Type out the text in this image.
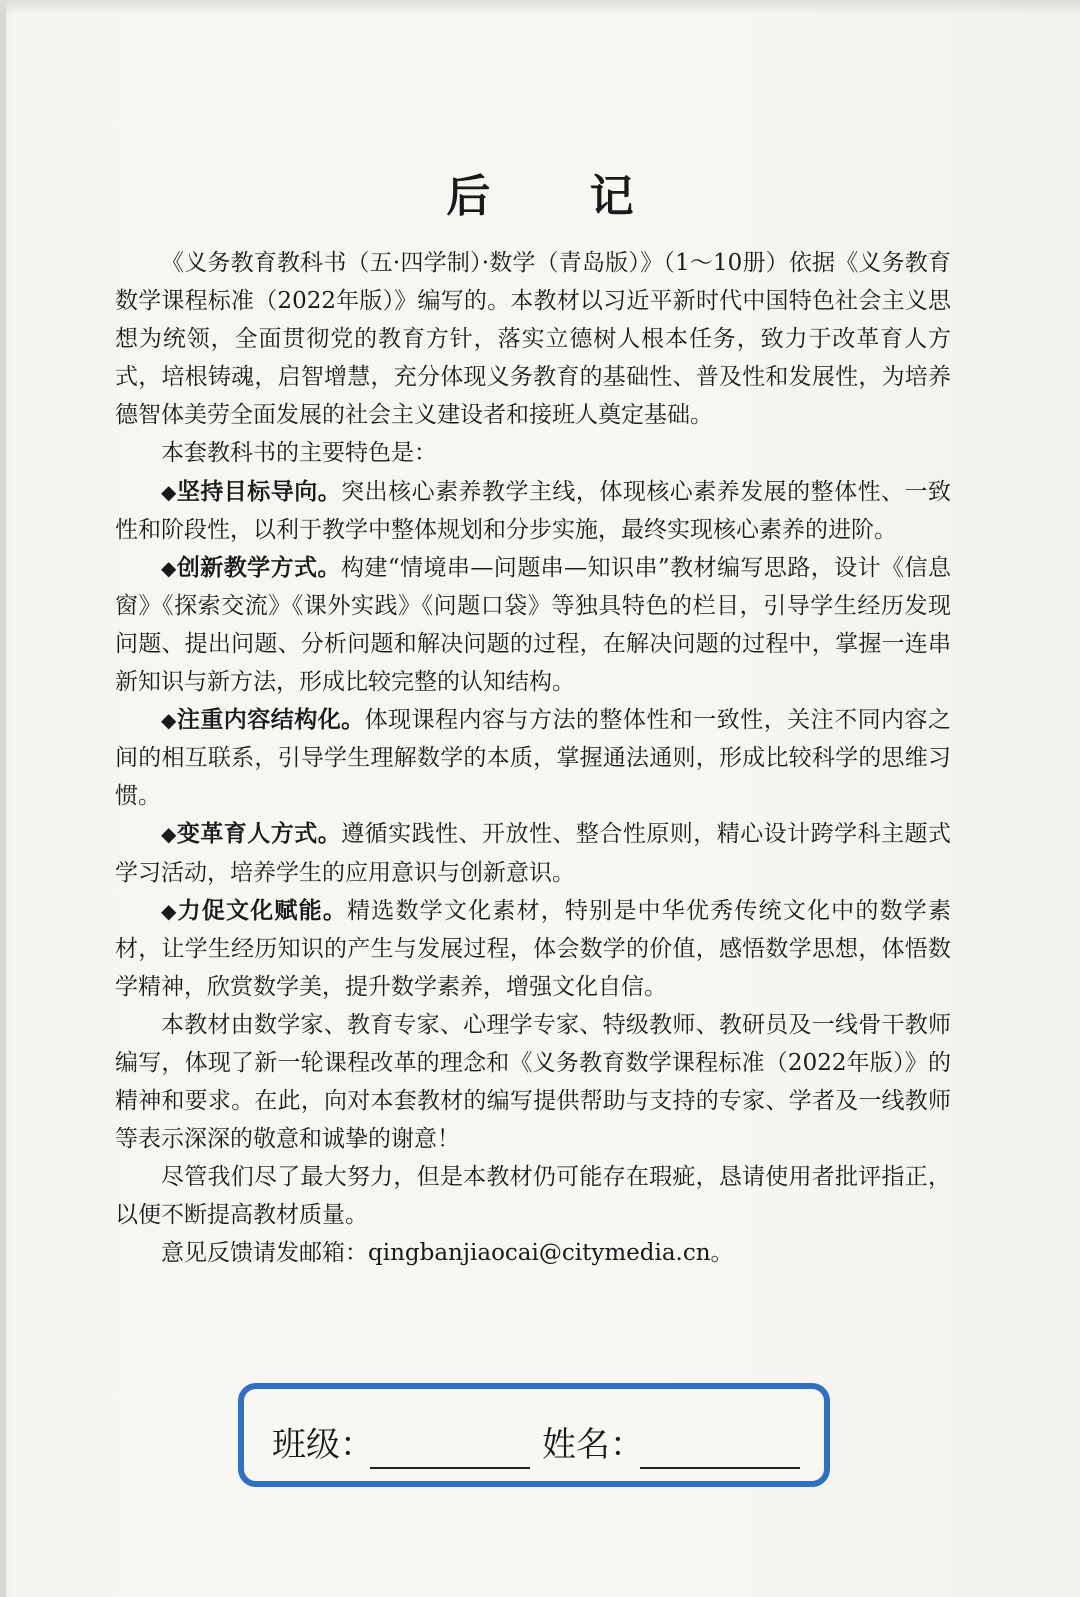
后 记

《义务教育教科书（五·四学制）·数学（青岛版）》（1～10册）依据《义务教育数学课程标准（2022年版）》编写的。本教材以习近平新时代中国特色社会主义思想为统领，全面贯彻党的教育方针，落实立德树人根本任务，致力于改革育人方式，培根铸魂，启智增慧，充分体现义务教育的基础性、普及性和发展性，为培养德智体美劳全面发展的社会主义建设者和接班人奠定基础。

本套教科书的主要特色是：

◆坚持目标导向。突出核心素养教学主线，体现核心素养发展的整体性、一致性和阶段性，以利于教学中整体规划和分步实施，最终实现核心素养的进阶。

◆创新教学方式。构建“情境串—问题串—知识串”教材编写思路，设计《信息窗》《探索交流》《课外实践》《问题口袋》等独具特色的栏目，引导学生经历发现问题、提出问题、分析问题和解决问题的过程，在解决问题的过程中，掌握一连串新知识与新方法，形成比较完整的认知结构。

◆注重内容结构化。体现课程内容与方法的整体性和一致性，关注不同内容之间的相互联系，引导学生理解数学的本质，掌握通法通则，形成比较科学的思维习惯。

◆变革育人方式。遵循实践性、开放性、整合性原则，精心设计跨学科主题式学习活动，培养学生的应用意识与创新意识。

◆力促文化赋能。精选数学文化素材，特别是中华优秀传统文化中的数学素材，让学生经历知识的产生与发展过程，体会数学的价值，感悟数学思想，体悟数学精神，欣赏数学美，提升数学素养，增强文化自信。

本教材由数学家、教育专家、心理学专家、特级教师、教研员及一线骨干教师编写，体现了新一轮课程改革的理念和《义务教育数学课程标准（2022年版）》的精神和要求。在此，向对本套教材的编写提供帮助与支持的专家、学者及一线教师等表示深深的敬意和诚挚的谢意！

尽管我们尽了最大努力，但是本教材仍可能存在瑕疵，恳请使用者批评指正，以便不断提高教材质量。

意见反馈请发邮箱：qingbanjiaocai@citymedia.cn。

班级：	姓名：
